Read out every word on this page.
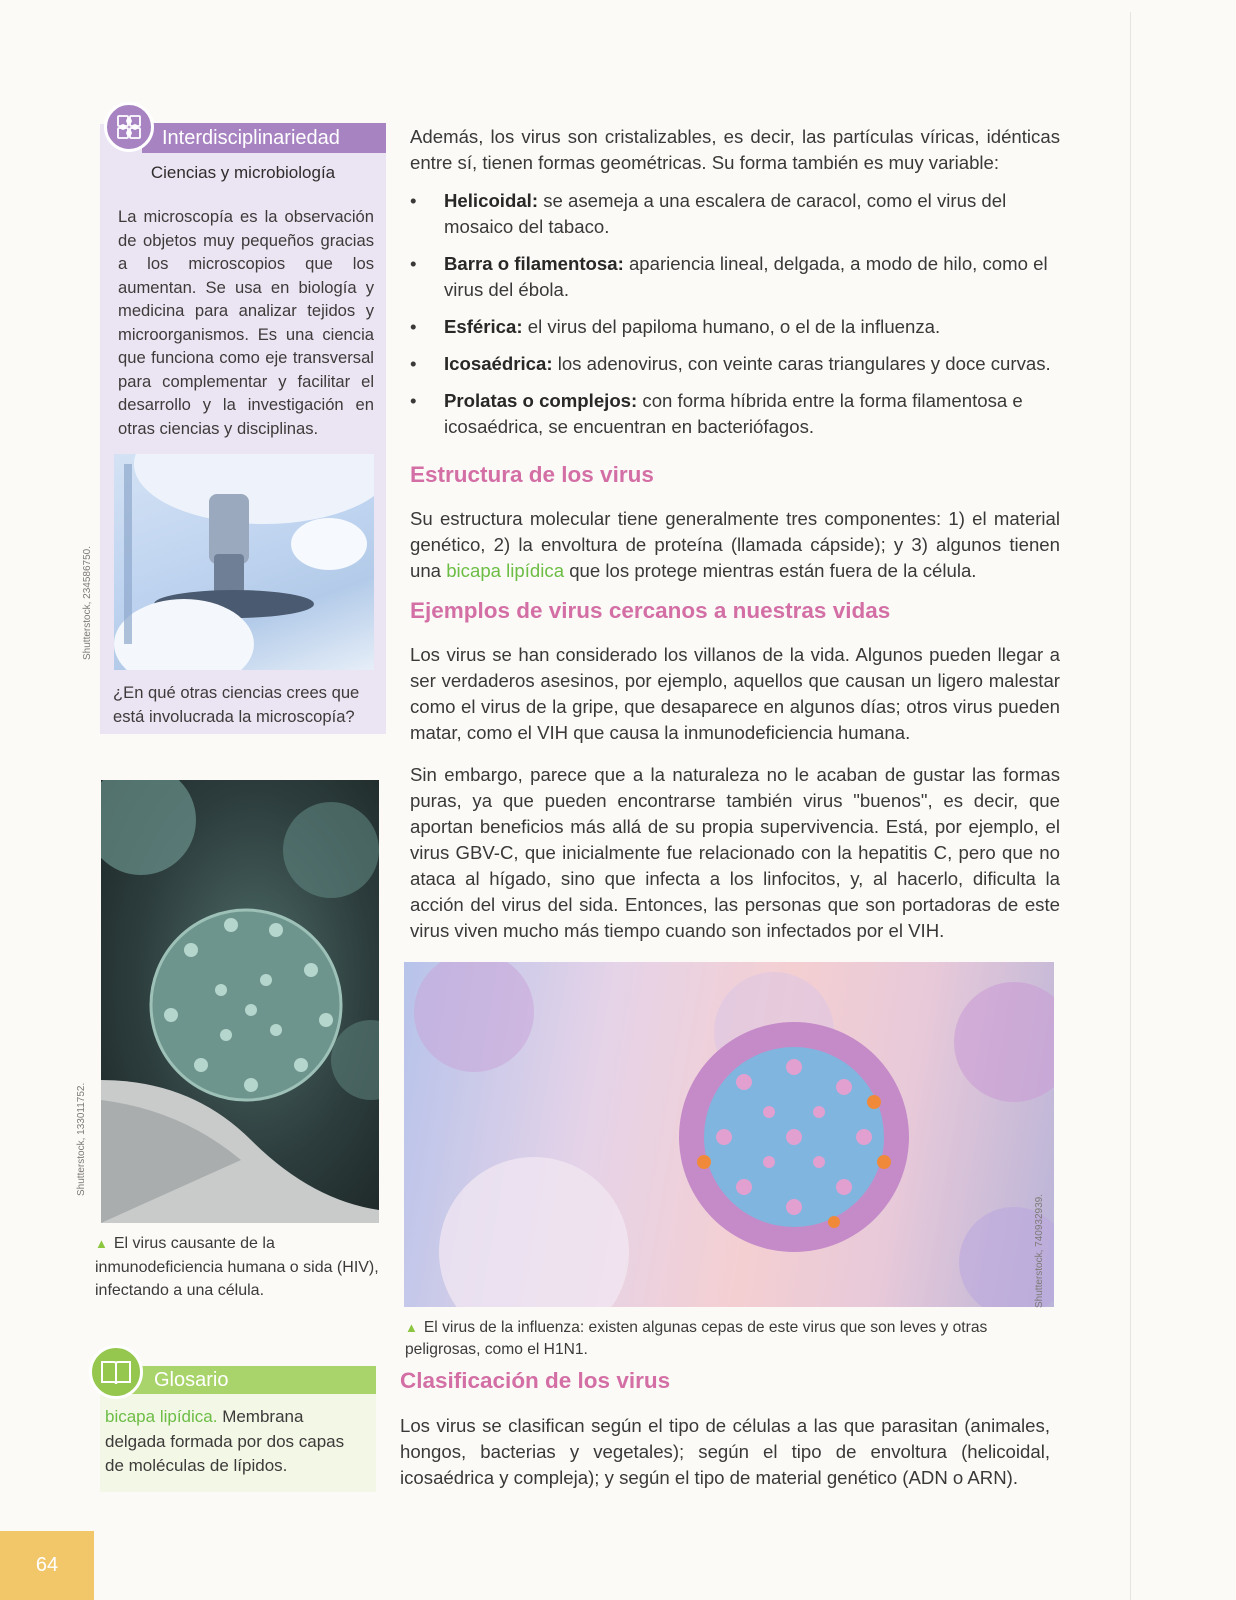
Interdisciplinariedad
Ciencias y microbiología
La microscopía es la observación de objetos muy pequeños gracias a los microscopios que los aumentan. Se usa en biología y medicina para analizar tejidos y microorganismos. Es una ciencia que funciona como eje transversal para complementar y facilitar el desarrollo y la investigación en otras ciencias y disciplinas.
Shutterstock, 234586750.
¿En qué otras ciencias crees que está involucrada la microscopía?
Shutterstock, 133011752.
▲ El virus causante de la inmunodeficiencia humana o sida (HIV), infectando a una célula.
Glosario
bicapa lipídica. Membrana delgada formada por dos capas de moléculas de lípidos.
Además, los virus son cristalizables, es decir, las partículas víricas, idénticas entre sí, tienen formas geométricas. Su forma también es muy variable:
• Helicoidal: se asemeja a una escalera de caracol, como el virus del mosaico del tabaco.
• Barra o filamentosa: apariencia lineal, delgada, a modo de hilo, como el virus del ébola.
• Esférica: el virus del papiloma humano, o el de la influenza.
• Icosaédrica: los adenovirus, con veinte caras triangulares y doce curvas.
• Prolatas o complejos: con forma híbrida entre la forma filamentosa e icosaédrica, se encuentran en bacteriófagos.
Estructura de los virus
Su estructura molecular tiene generalmente tres componentes: 1) el material genético, 2) la envoltura de proteína (llamada cápside); y 3) algunos tienen una bicapa lipídica que los protege mientras están fuera de la célula.
Ejemplos de virus cercanos a nuestras vidas
Los virus se han considerado los villanos de la vida. Algunos pueden llegar a ser verdaderos asesinos, por ejemplo, aquellos que causan un ligero malestar como el virus de la gripe, que desaparece en algunos días; otros virus pueden matar, como el VIH que causa la inmunodeficiencia humana.
Sin embargo, parece que a la naturaleza no le acaban de gustar las formas puras, ya que pueden encontrarse también virus "buenos", es decir, que aportan beneficios más allá de su propia supervivencia. Está, por ejemplo, el virus GBV-C, que inicialmente fue relacionado con la hepatitis C, pero que no ataca al hígado, sino que infecta a los linfocitos, y, al hacerlo, dificulta la acción del virus del sida. Entonces, las personas que son portadoras de este virus viven mucho más tiempo cuando son infectados por el VIH.
Shutterstock, 740932939.
▲ El virus de la influenza: existen algunas cepas de este virus que son leves y otras peligrosas, como el H1N1.
Clasificación de los virus
Los virus se clasifican según el tipo de células a las que parasitan (animales, hongos, bacterias y vegetales); según el tipo de envoltura (helicoidal, icosaédrica y compleja); y según el tipo de material genético (ADN o ARN).
64
